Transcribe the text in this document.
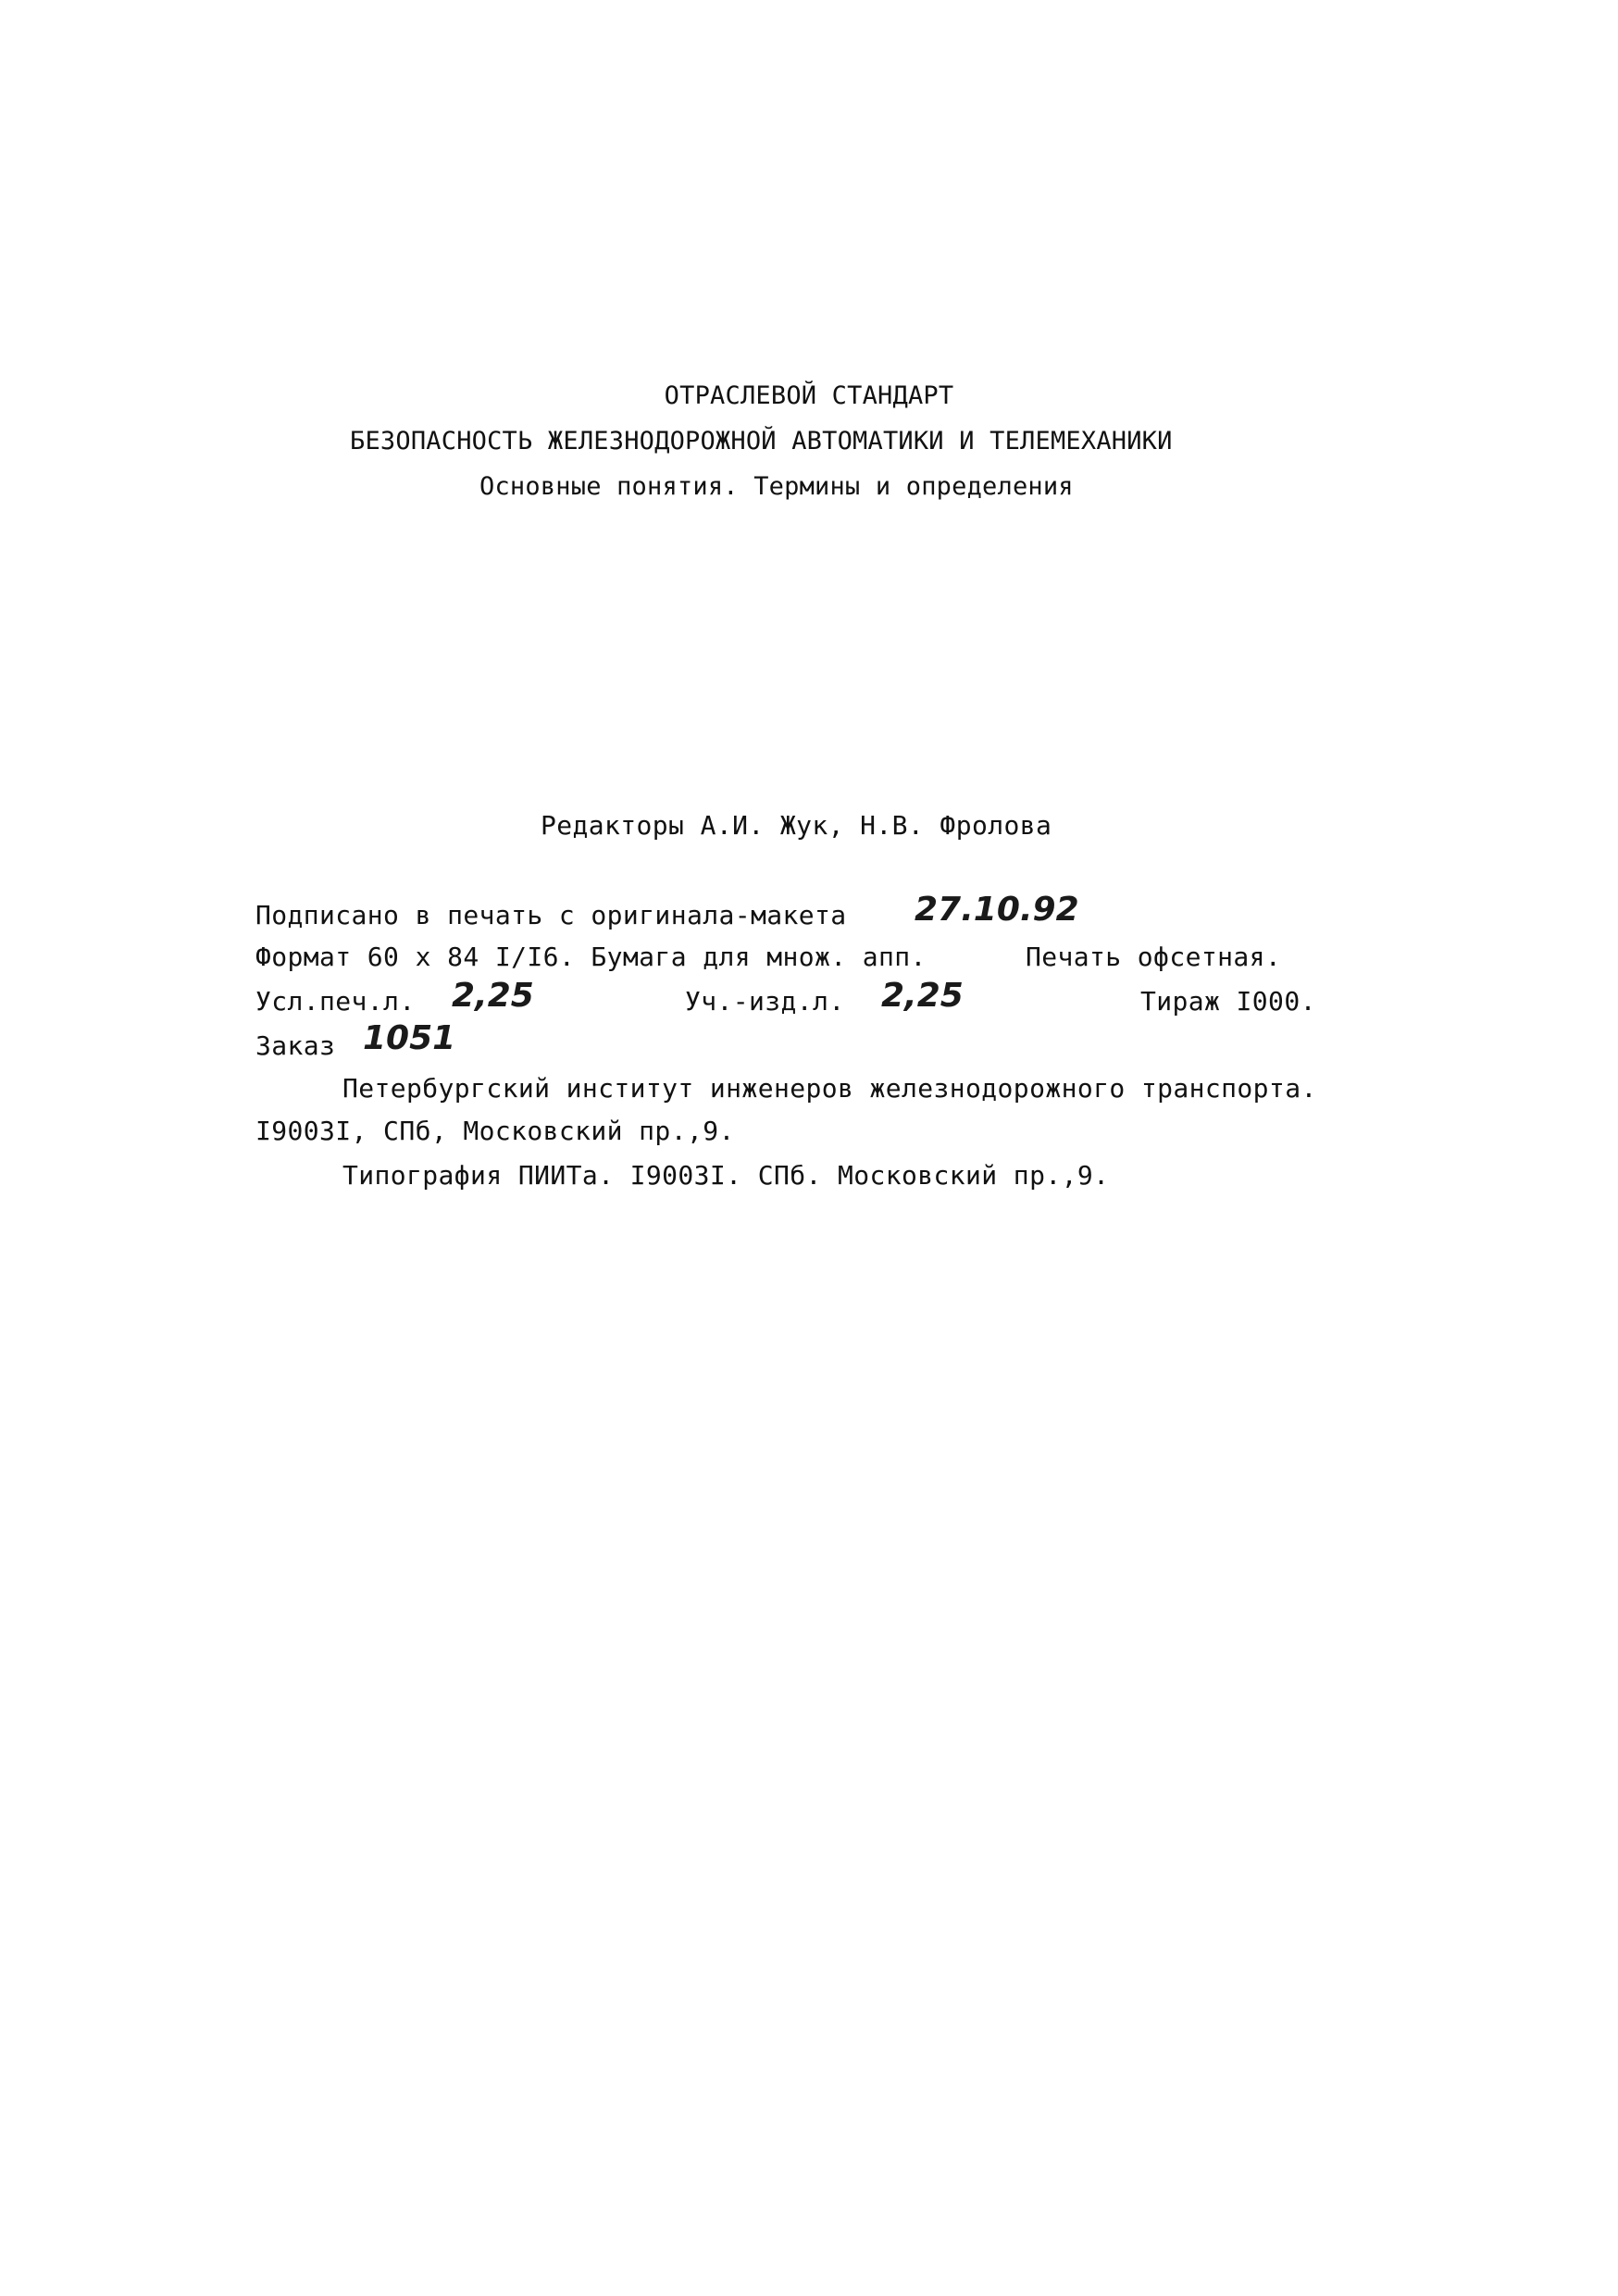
ОТРАСЛЕВОЙ СТАНДАРТ
БЕЗОПАСНОСТЬ ЖЕЛЕЗНОДОРОЖНОЙ АВТОМАТИКИ И ТЕЛЕМЕХАНИКИ
Основные понятия. Термины и определения
Редакторы А.И. Жук, Н.В. Фролова
Подписано в печать с оригинала-макета 27.10.92
Формат 60 х 84 I/I6. Бумага для множ. апп.	Печать офсетная.
Усл.печ.л. 2,25	Уч.-изд.л. 2,25	Тираж I000.
Заказ 1051
Петербургский институт инженеров железнодорожного транспорта.
I9003I, СПб, Московский пр.,9.
Типография ПИИТа. I9003I. СПб. Московский пр.,9.
